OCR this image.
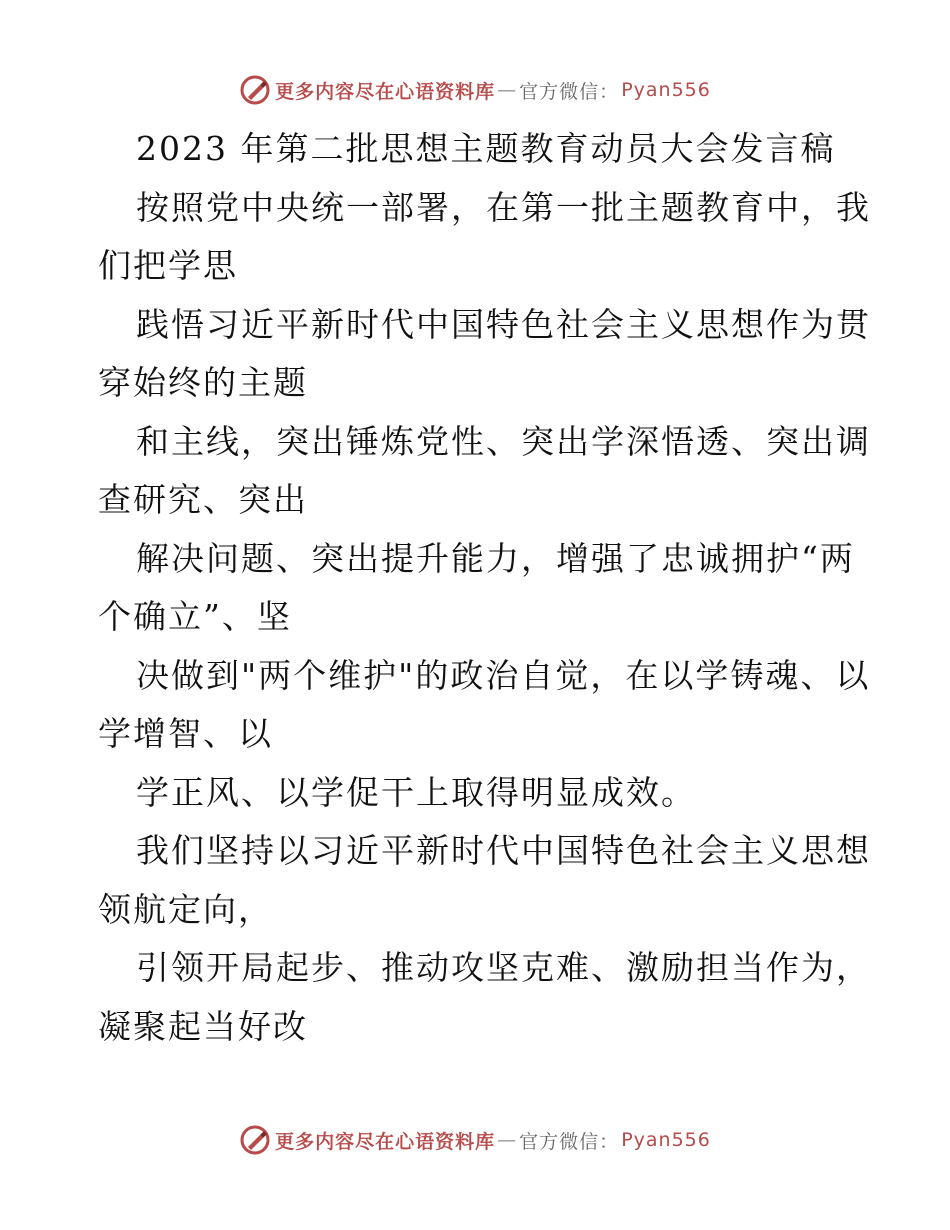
更多内容尽在心语资料库 — 官方微信： Pyan556
2023 年第二批思想主题教育动员大会发言稿
按照党中央统一部署，在第一批主题教育中，我
们把学思
践悟习近平新时代中国特色社会主义思想作为贯
穿始终的主题
和主线，突出锤炼党性、突出学深悟透、突出调
查研究、突出
解决问题、突出提升能力，增强了忠诚拥护“两
个确立”、坚
决做到"两个维护"的政治自觉，在以学铸魂、以
学增智、以
学正风、以学促干上取得明显成效。
我们坚持以习近平新时代中国特色社会主义思想
领航定向，
引领开局起步、推动攻坚克难、激励担当作为，
凝聚起当好改
更多内容尽在心语资料库 — 官方微信： Pyan556
